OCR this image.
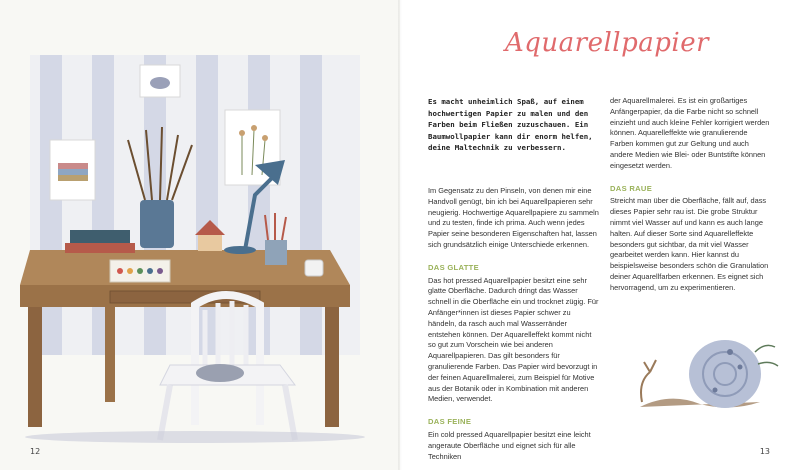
12	13
Aquarellpapier
Es macht unheimlich Spaß, auf einem hochwertigen Papier zu malen und den Farben beim Fließen zuzuschauen. Ein Baumwollpapier kann dir enorm helfen, deine Maltechnik zu verbessern.

Im Gegensatz zu den Pinseln, von denen mir eine Handvoll genügt, bin ich bei Aquarellpapieren sehr neugierig. Hochwertige Aquarellpapiere zu sammeln und zu testen, finde ich prima. Auch wenn jedes Papier seine besonderen Eigenschaften hat, lassen sich grundsätzlich einige Unterschiede erkennen.

DAS GLATTE

Das hot pressed Aquarellpapier besitzt eine sehr glatte Oberfläche. Dadurch dringt das Wasser schnell in die Oberfläche ein und trocknet zügig. Für Anfänger*innen ist dieses Papier schwer zu händeln, da rasch auch mal Wasserränder entstehen können. Der Aquarelleffekt kommt nicht so gut zum Vorschein wie bei anderen Aquarellpapieren. Das gilt besonders für granulierende Farben. Das Papier wird bevorzugt in der feinen Aquarellmalerei, zum Beispiel für Motive aus der Botanik oder in Kombination mit anderen Medien, verwendet.

DAS FEINE

Ein cold pressed Aquarellpapier besitzt eine leicht angeraute Oberfläche und eignet sich für alle Techniken

der Aquarellmalerei. Es ist ein großartiges Anfängerpapier, da die Farbe nicht so schnell einzieht und auch kleine Fehler korrigiert werden können. Aquarelleffekte wie granulierende Farben kommen gut zur Geltung und auch andere Medien wie Blei- oder Buntstifte können eingesetzt werden.

DAS RAUE

Streicht man über die Oberfläche, fällt auf, dass dieses Papier sehr rau ist. Die grobe Struktur nimmt viel Wasser auf und kann es auch lange halten. Auf dieser Sorte sind Aquarelleffekte besonders gut sichtbar, da mit viel Wasser gearbeitet werden kann. Hier kannst du beispielsweise besonders schön die Granulation deiner Aquarellfarben erkennen. Es eignet sich hervorragend, um zu experimentieren.
